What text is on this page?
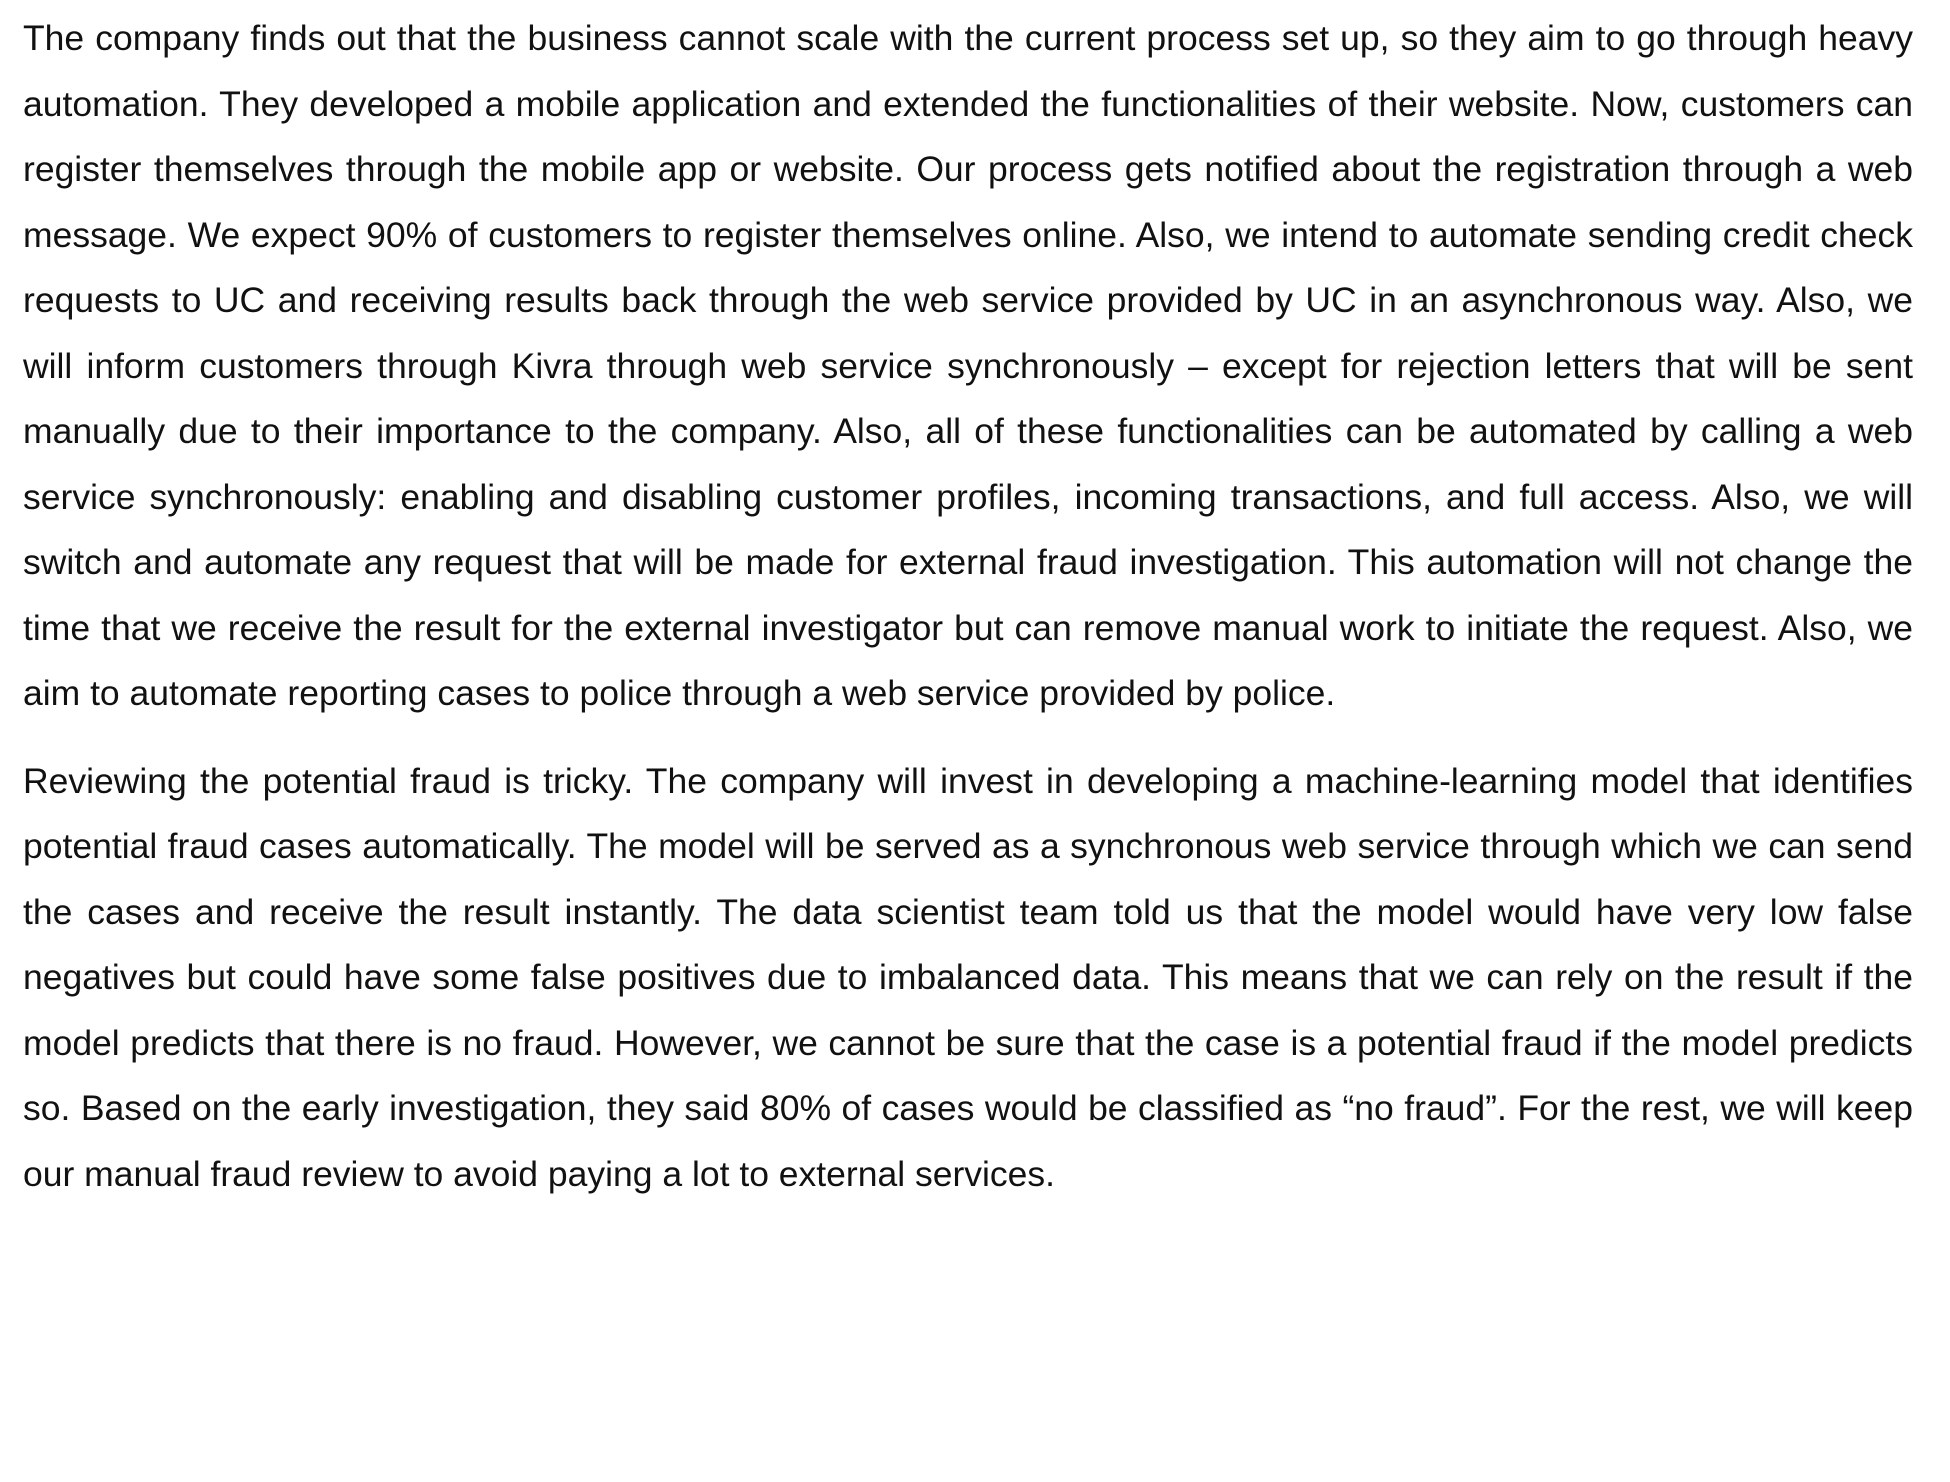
The company finds out that the business cannot scale with the current process set up, so they aim to go through heavy automation. They developed a mobile application and extended the functionalities of their website. Now, customers can register themselves through the mobile app or website. Our process gets notified about the registration through a web message. We expect 90% of customers to register themselves online. Also, we intend to automate sending credit check requests to UC and receiving results back through the web service provided by UC in an asynchronous way. Also, we will inform customers through Kivra through web service synchronously – except for rejection letters that will be sent manually due to their importance to the company. Also, all of these functionalities can be automated by calling a web service synchronously: enabling and disabling customer profiles, incoming transactions, and full access. Also, we will switch and automate any request that will be made for external fraud investigation. This automation will not change the time that we receive the result for the external investigator but can remove manual work to initiate the request. Also, we aim to automate reporting cases to police through a web service provided by police.

Reviewing the potential fraud is tricky. The company will invest in developing a machine-learning model that identifies potential fraud cases automatically. The model will be served as a synchronous web service through which we can send the cases and receive the result instantly. The data scientist team told us that the model would have very low false negatives but could have some false positives due to imbalanced data. This means that we can rely on the result if the model predicts that there is no fraud. However, we cannot be sure that the case is a potential fraud if the model predicts so. Based on the early investigation, they said 80% of cases would be classified as “no fraud”. For the rest, we will keep our manual fraud review to avoid paying a lot to external services.
